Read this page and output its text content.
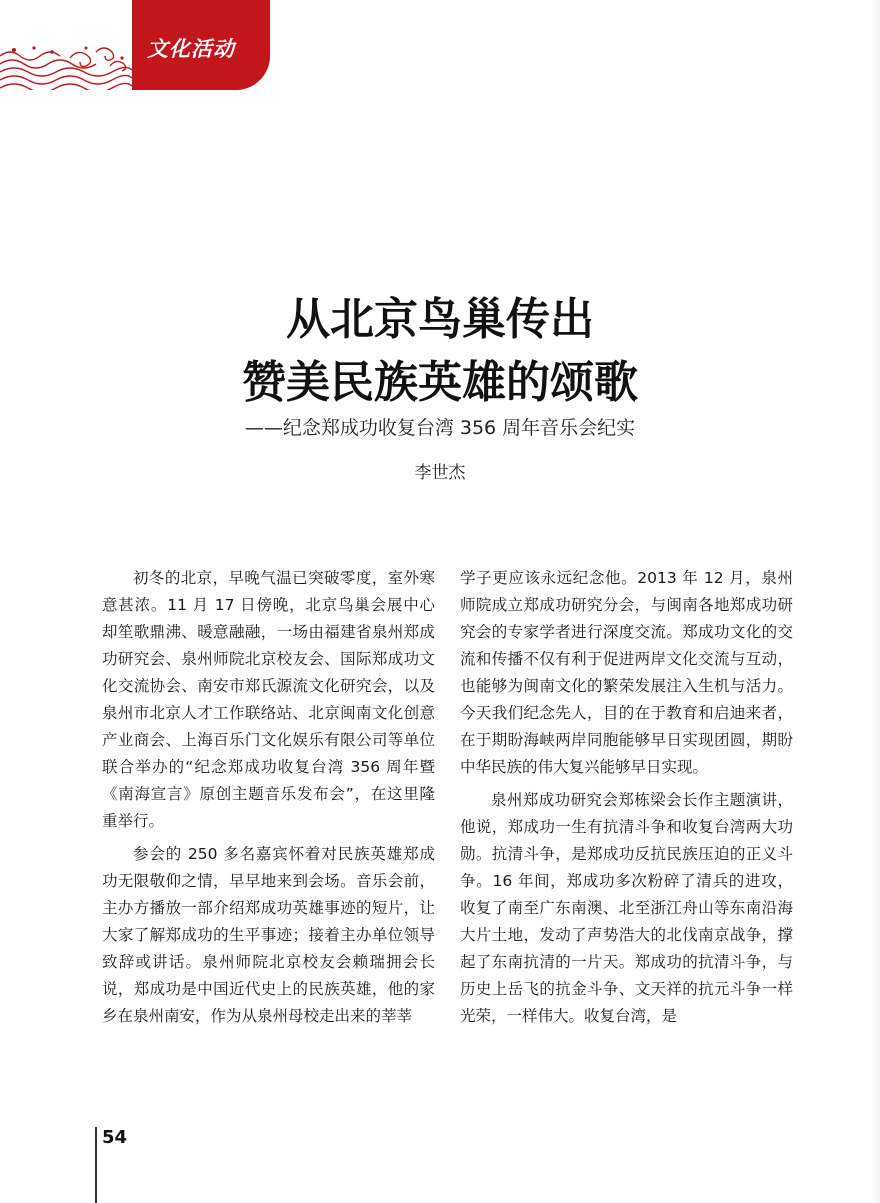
文化活动
从北京鸟巢传出
赞美民族英雄的颂歌
——纪念郑成功收复台湾 356 周年音乐会纪实
李世杰

初冬的北京，早晚气温已突破零度，室外寒意甚浓。11 月 17 日傍晚，北京鸟巢会展中心却笙歌鼎沸、暖意融融，一场由福建省泉州郑成功研究会、泉州师院北京校友会、国际郑成功文化交流协会、南安市郑氏源流文化研究会，以及泉州市北京人才工作联络站、北京闽南文化创意产业商会、上海百乐门文化娱乐有限公司等单位联合举办的“纪念郑成功收复台湾 356 周年暨《南海宣言》原创主题音乐发布会”，在这里隆重举行。

参会的 250 多名嘉宾怀着对民族英雄郑成功无限敬仰之情，早早地来到会场。音乐会前，主办方播放一部介绍郑成功英雄事迹的短片，让大家了解郑成功的生平事迹；接着主办单位领导致辞或讲话。泉州师院北京校友会赖瑞拥会长说，郑成功是中国近代史上的民族英雄，他的家乡在泉州南安，作为从泉州母校走出来的莘莘

学子更应该永远纪念他。2013 年 12 月，泉州师院成立郑成功研究分会，与闽南各地郑成功研究会的专家学者进行深度交流。郑成功文化的交流和传播不仅有利于促进两岸文化交流与互动，也能够为闽南文化的繁荣发展注入生机与活力。今天我们纪念先人，目的在于教育和启迪来者，在于期盼海峡两岸同胞能够早日实现团圆，期盼中华民族的伟大复兴能够早日实现。

泉州郑成功研究会郑栋梁会长作主题演讲，他说，郑成功一生有抗清斗争和收复台湾两大功勋。抗清斗争，是郑成功反抗民族压迫的正义斗争。16 年间，郑成功多次粉碎了清兵的进攻，收复了南至广东南澳、北至浙江舟山等东南沿海大片土地，发动了声势浩大的北伐南京战争，撑起了东南抗清的一片天。郑成功的抗清斗争，与历史上岳飞的抗金斗争、文天祥的抗元斗争一样光荣，一样伟大。收复台湾，是

54
